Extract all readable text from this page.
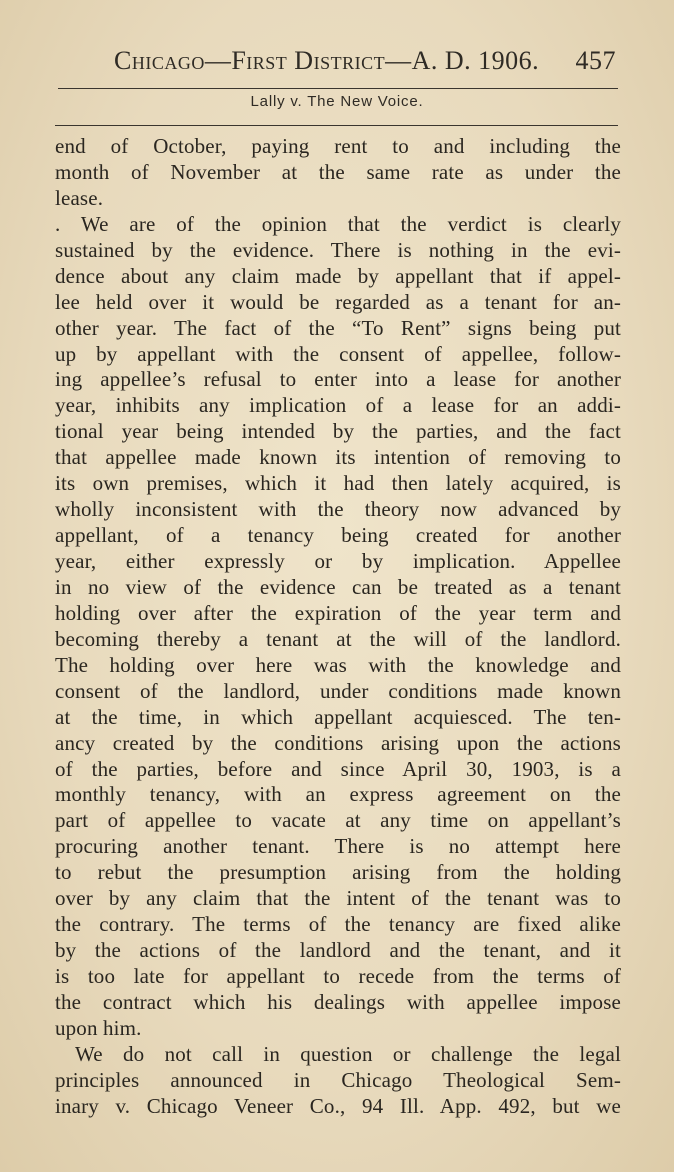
Chicago—First District—A. D. 1906. 457
Lally v. The New Voice.
end of October, paying rent to and including the
month of November at the same rate as under the
lease.
. We are of the opinion that the verdict is clearly
sustained by the evidence. There is nothing in the evi-
dence about any claim made by appellant that if appel-
lee held over it would be regarded as a tenant for an-
other year. The fact of the “To Rent” signs being put
up by appellant with the consent of appellee, follow-
ing appellee’s refusal to enter into a lease for another
year, inhibits any implication of a lease for an addi-
tional year being intended by the parties, and the fact
that appellee made known its intention of removing to
its own premises, which it had then lately acquired, is
wholly inconsistent with the theory now advanced by
appellant, of a tenancy being created for another
year, either expressly or by implication. Appellee
in no view of the evidence can be treated as a tenant
holding over after the expiration of the year term and
becoming thereby a tenant at the will of the landlord.
The holding over here was with the knowledge and
consent of the landlord, under conditions made known
at the time, in which appellant acquiesced. The ten-
ancy created by the conditions arising upon the actions
of the parties, before and since April 30, 1903, is a
monthly tenancy, with an express agreement on the
part of appellee to vacate at any time on appellant’s
procuring another tenant. There is no attempt here
to rebut the presumption arising from the holding
over by any claim that the intent of the tenant was to
the contrary. The terms of the tenancy are fixed alike
by the actions of the landlord and the tenant, and it
is too late for appellant to recede from the terms of
the contract which his dealings with appellee impose
upon him.
We do not call in question or challenge the legal
principles announced in Chicago Theological Sem-
inary v. Chicago Veneer Co., 94 Ill. App. 492, but we
